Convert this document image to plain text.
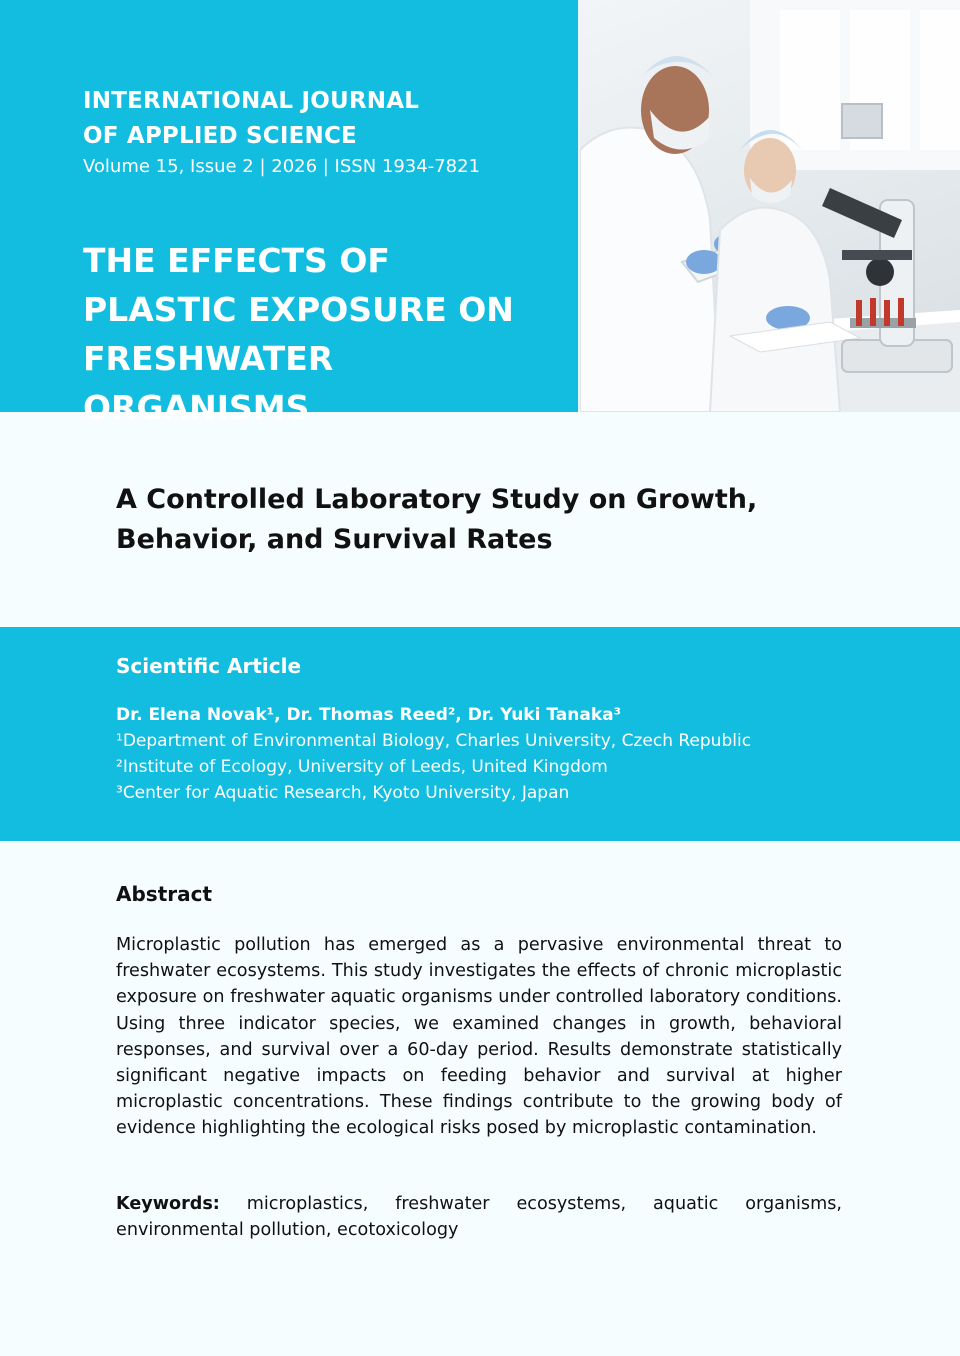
INTERNATIONAL JOURNAL
OF APPLIED SCIENCE
Volume 15, Issue 2 | 2026 | ISSN 1934-7821
THE EFFECTS OF
PLASTIC EXPOSURE ON
FRESHWATER ORGANISMS
A Controlled Laboratory Study on Growth,
Behavior, and Survival Rates
Scientific Article
Dr. Elena Novak¹, Dr. Thomas Reed², Dr. Yuki Tanaka³
¹Department of Environmental Biology, Charles University, Czech Republic
²Institute of Ecology, University of Leeds, United Kingdom
³Center for Aquatic Research, Kyoto University, Japan
Abstract
Microplastic pollution has emerged as a pervasive environmental threat to freshwater ecosystems. This study investigates the effects of chronic microplastic exposure on freshwater aquatic organisms under controlled laboratory conditions. Using three indicator species, we examined changes in growth, behavioral responses, and survival over a 60-day period. Results demonstrate statistically significant negative impacts on feeding behavior and survival at higher microplastic concentrations. These findings contribute to the growing body of evidence highlighting the ecological risks posed by microplastic contamination.
Keywords: microplastics, freshwater ecosystems, aquatic organisms, environmental pollution, ecotoxicology
